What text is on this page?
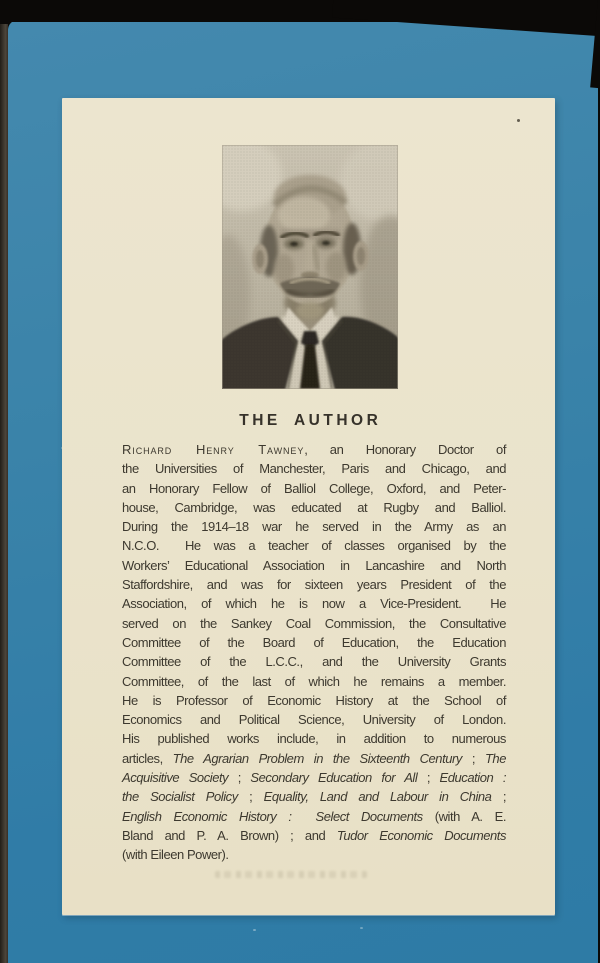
THE AUTHOR
Richard Henry Tawney, an Honorary Doctor of
the Universities of Manchester, Paris and Chicago, and
an Honorary Fellow of Balliol College, Oxford, and Peter-
house, Cambridge, was educated at Rugby and Balliol.
During the 1914–18 war he served in the Army as an
N.C.O.  He was a teacher of classes organised by the
Workers’ Educational Association in Lancashire and North
Staffordshire, and was for sixteen years President of the
Association, of which he is now a Vice-President.  He
served on the Sankey Coal Commission, the Consultative
Committee of the Board of Education, the Education
Committee of the L.C.C., and the University Grants
Committee, of the last of which he remains a member.
He is Professor of Economic History at the School of
Economics and Political Science, University of London.
His published works include, in addition to numerous
articles, The Agrarian Problem in the Sixteenth Century ; The
Acquisitive Society ; Secondary Education for All ; Education :
the Socialist Policy ; Equality, Land and Labour in China ;
English Economic History : Select Documents (with A. E.
Bland and P. A. Brown) ; and Tudor Economic Documents
(with Eileen Power).
